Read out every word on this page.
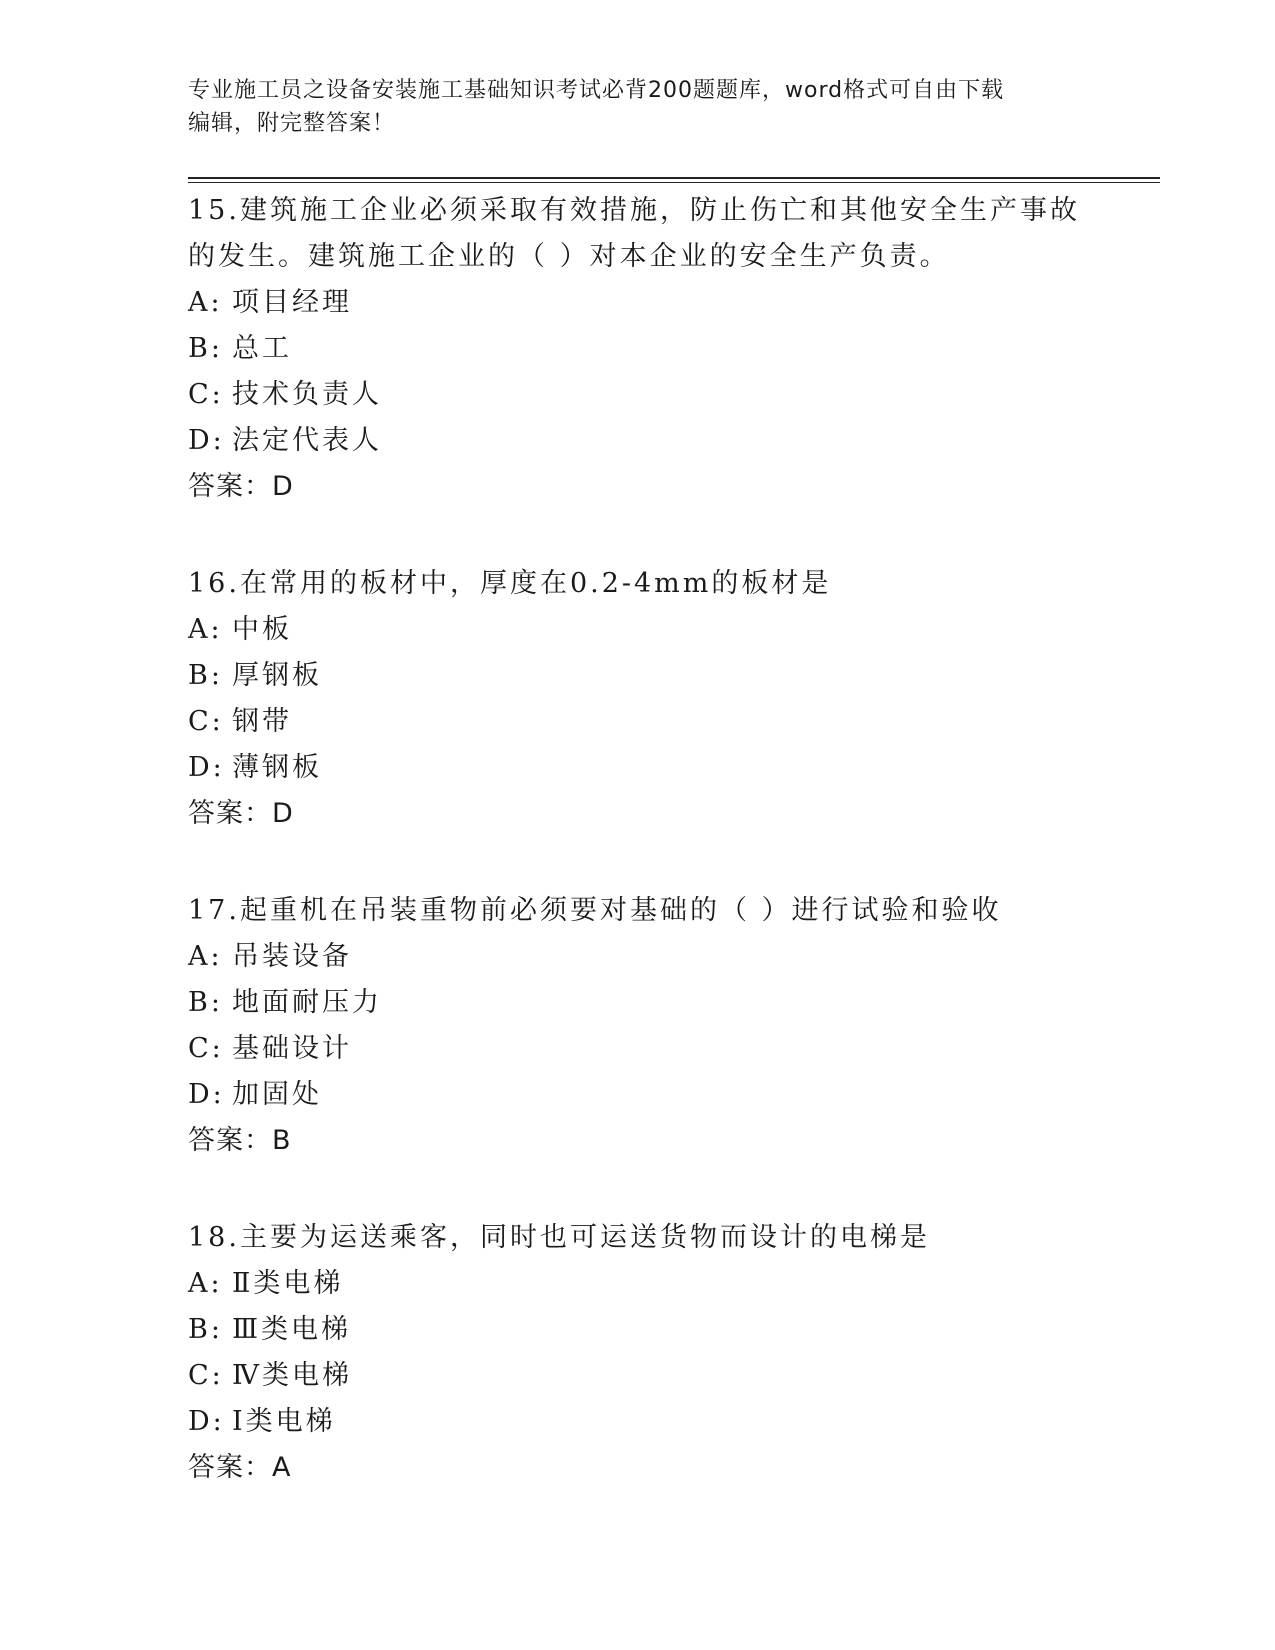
专业施工员之设备安装施工基础知识考试必背200题题库，word格式可自由下载
编辑，附完整答案！
15.建筑施工企业必须采取有效措施，防止伤亡和其他安全生产事故的发生。建筑施工企业的（ ）对本企业的安全生产负责。
A: 项目经理
B: 总工
C: 技术负责人
D: 法定代表人
答案：D
16.在常用的板材中，厚度在0.2-4mm的板材是
A: 中板
B: 厚钢板
C: 钢带
D: 薄钢板
答案：D
17.起重机在吊装重物前必须要对基础的（ ）进行试验和验收
A: 吊装设备
B: 地面耐压力
C: 基础设计
D: 加固处
答案：B
18.主要为运送乘客，同时也可运送货物而设计的电梯是
A: Ⅱ类电梯
B: Ⅲ类电梯
C: Ⅳ类电梯
D: Ⅰ类电梯
答案：A
